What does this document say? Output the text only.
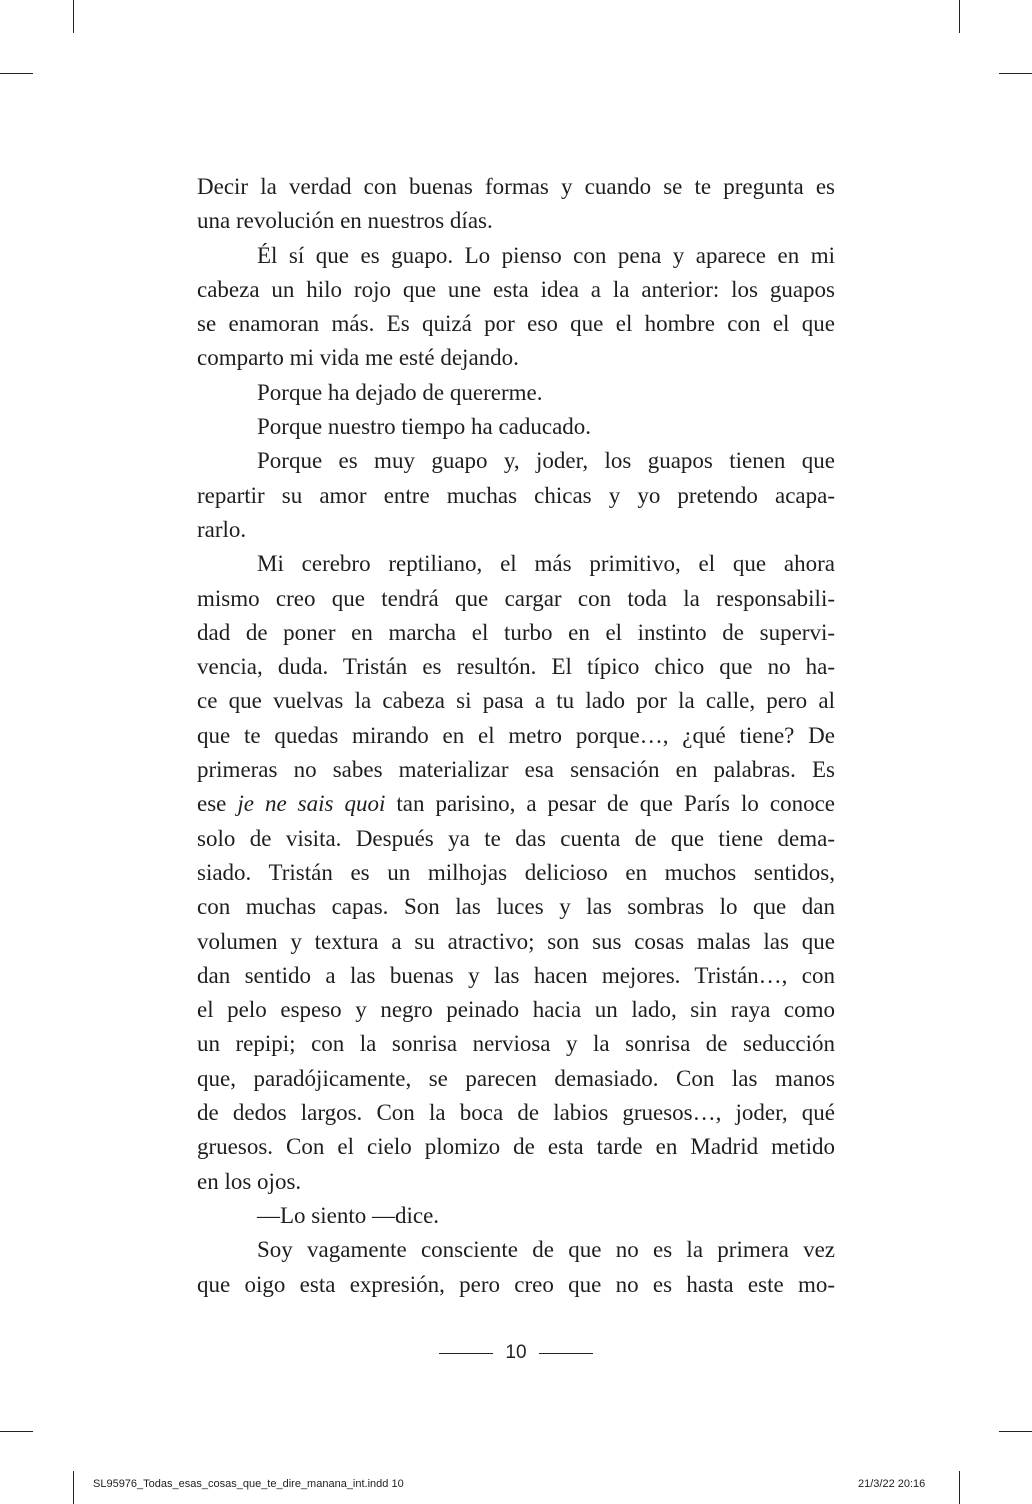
Decir la verdad con buenas formas y cuando se te pregunta es
una revolución en nuestros días.
Él sí que es guapo. Lo pienso con pena y aparece en mi
cabeza un hilo rojo que une esta idea a la anterior: los guapos
se enamoran más. Es quizá por eso que el hombre con el que
comparto mi vida me esté dejando.
Porque ha dejado de quererme.
Porque nuestro tiempo ha caducado.
Porque es muy guapo y, joder, los guapos tienen que
repartir su amor entre muchas chicas y yo pretendo acapa-
rarlo.
Mi cerebro reptiliano, el más primitivo, el que ahora
mismo creo que tendrá que cargar con toda la responsabili-
dad de poner en marcha el turbo en el instinto de supervi-
vencia, duda. Tristán es resultón. El típico chico que no ha-
ce que vuelvas la cabeza si pasa a tu lado por la calle, pero al
que te quedas mirando en el metro porque…, ¿qué tiene? De
primeras no sabes materializar esa sensación en palabras. Es
ese je ne sais quoi tan parisino, a pesar de que París lo conoce
solo de visita. Después ya te das cuenta de que tiene dema-
siado. Tristán es un milhojas delicioso en muchos sentidos,
con muchas capas. Son las luces y las sombras lo que dan
volumen y textura a su atractivo; son sus cosas malas las que
dan sentido a las buenas y las hacen mejores. Tristán…, con
el pelo espeso y negro peinado hacia un lado, sin raya como
un repipi; con la sonrisa nerviosa y la sonrisa de seducción
que, paradójicamente, se parecen demasiado. Con las manos
de dedos largos. Con la boca de labios gruesos…, joder, qué
gruesos. Con el cielo plomizo de esta tarde en Madrid metido
en los ojos.
—Lo siento —dice.
Soy vagamente consciente de que no es la primera vez
que oigo esta expresión, pero creo que no es hasta este mo-
10
SL95976_Todas_esas_cosas_que_te_dire_manana_int.indd 10	21/3/22 20:16
